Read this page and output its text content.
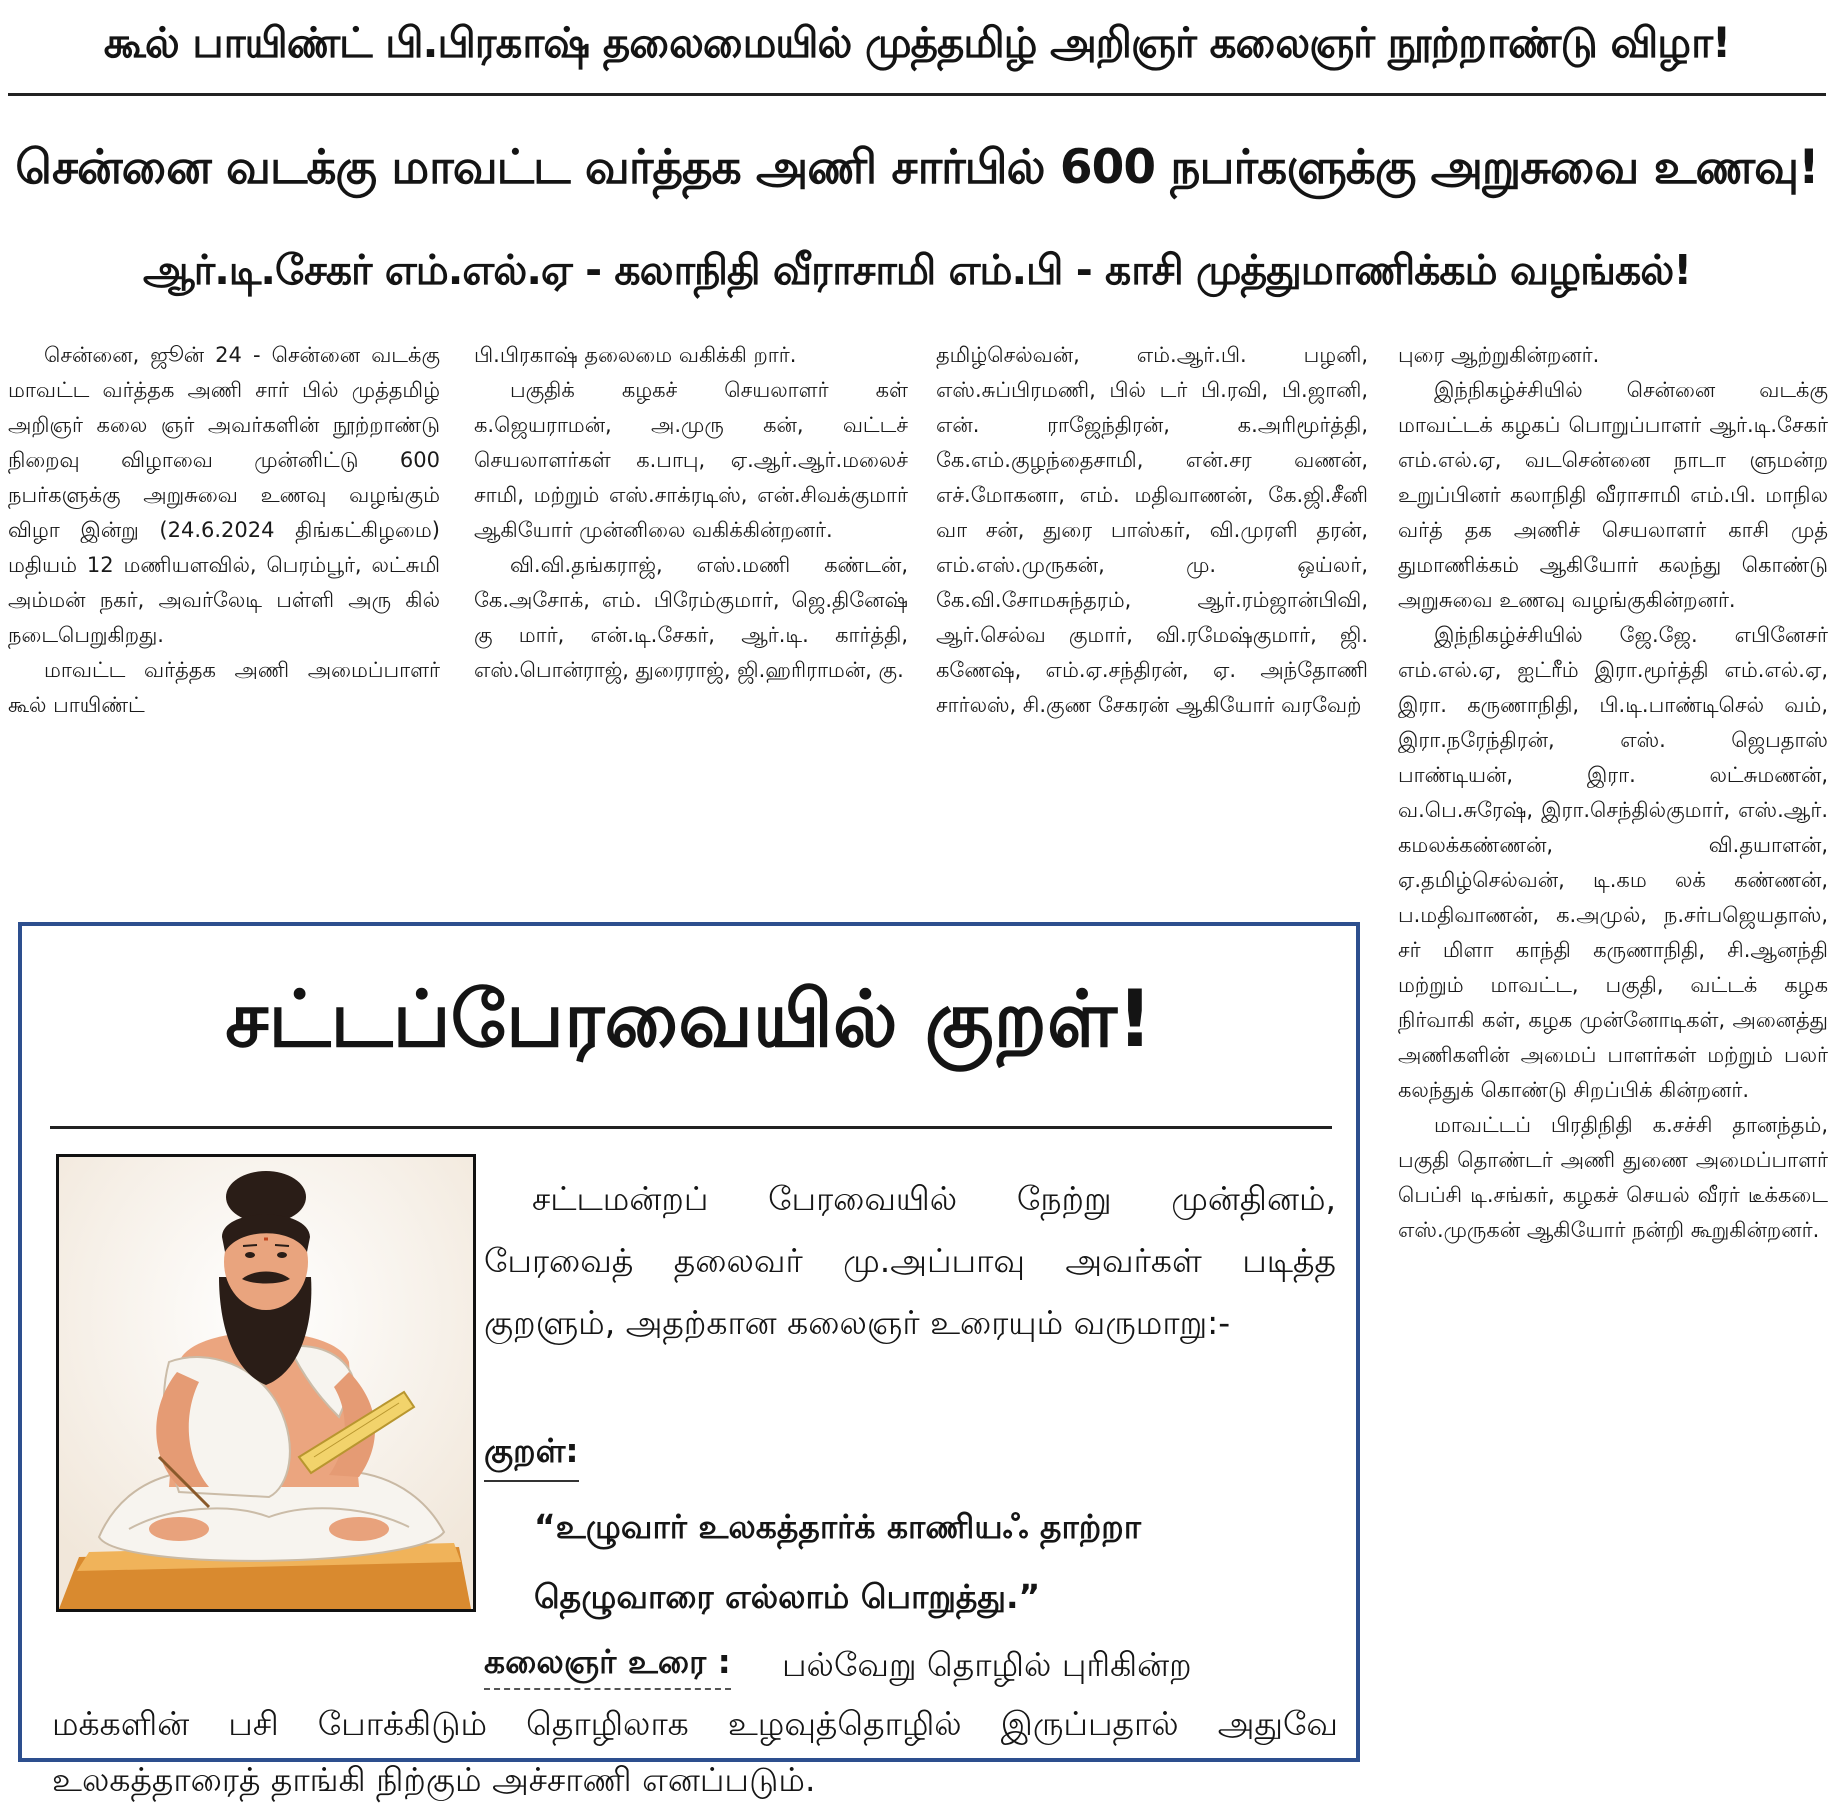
கூல் பாயிண்ட் பி.பிரகாஷ் தலைமையில் முத்தமிழ் அறிஞர் கலைஞர் நூற்றாண்டு விழா!
சென்னை வடக்கு மாவட்ட வர்த்தக அணி சார்பில் 600 நபர்களுக்கு அறுசுவை உணவு!
ஆர்.டி.சேகர் எம்.எல்.ஏ - கலாநிதி வீராசாமி எம்.பி - காசி முத்துமாணிக்கம் வழங்கல்!

சென்னை, ஜூன் 24 - சென்னை வடக்கு மாவட்ட வர்த்தக அணி சார் பில் முத்தமிழ் அறிஞர் கலை ஞர் அவர்களின் நூற்றாண்டு நிறைவு விழாவை முன்னிட்டு 600 நபர்களுக்கு அறுசுவை உணவு வழங்கும் விழா இன்று (24.6.2024 திங்கட்கிழமை) மதியம் 12 மணியளவில், பெரம்பூர், லட்சுமி அம்மன் நகர், அவர்லேடி பள்ளி அரு கில் நடைபெறுகிறது.

மாவட்ட வர்த்தக அணி அமைப்பாளர் கூல் பாயிண்ட்

பி.பிரகாஷ் தலைமை வகிக்கி றார்.

பகுதிக் கழகச் செயலாளர் கள் க.ஜெயராமன், அ.முரு கன், வட்டச் செயலாளர்கள் க.பாபு, ஏ.ஆர்.ஆர்.மலைச் சாமி, மற்றும் எஸ்.சாக்ரடிஸ், என்.சிவக்குமார் ஆகியோர் முன்னிலை வகிக்கின்றனர்.

வி.வி.தங்கராஜ், எஸ்.மணி கண்டன், கே.அசோக், எம். பிரேம்குமார், ஜெ.தினேஷ் கு மார், என்.டி.சேகர், ஆர்.டி. கார்த்தி, எஸ்.பொன்ராஜ், துரைராஜ், ஜி.ஹரிராமன், கு.

தமிழ்செல்வன், எம்.ஆர்.பி. பழனி, எஸ்.சுப்பிரமணி, பில் டர் பி.ரவி, பி.ஜானி, என். ராஜேந்திரன், க.அரிமூர்த்தி, கே.எம்.குழந்தைசாமி, என்.சர வணன், எச்.மோகனா, எம். மதிவாணன், கே.ஜி.சீனி வா சன், துரை பாஸ்கர், வி.முரளி தரன், எம்.எஸ்.முருகன், மு. ஒய்லர், கே.வி.சோமசுந்தரம், ஆர்.ரம்ஜான்பிவி, ஆர்.செல்வ குமார், வி.ரமேஷ்குமார், ஜி. கணேஷ், எம்.ஏ.சந்திரன், ஏ. அந்தோணி சார்லஸ், சி.குண சேகரன் ஆகியோர் வரவேற்

புரை ஆற்றுகின்றனர்.

இந்நிகழ்ச்சியில் சென்னை வடக்கு மாவட்டக் கழகப் பொறுப்பாளர் ஆர்.டி.சேகர் எம்.எல்.ஏ, வடசென்னை நாடா ளுமன்ற உறுப்பினர் கலாநிதி வீராசாமி எம்.பி. மாநில வர்த் தக அணிச் செயலாளர் காசி முத் துமாணிக்கம் ஆகியோர் கலந்து கொண்டு அறுசுவை உணவு வழங்குகின்றனர்.

இந்நிகழ்ச்சியில் ஜே.ஜே. எபினேசர் எம்.எல்.ஏ, ஐட்ரீம் இரா.மூர்த்தி எம்.எல்.ஏ, இரா. கருணாநிதி, பி.டி.பாண்டிசெல் வம், இரா.நரேந்திரன், எஸ். ஜெபதாஸ் பாண்டியன், இரா. லட்சுமணன், வ.பெ.சுரேஷ், இரா.செந்தில்குமார், எஸ்.ஆர். கமலக்கண்ணன், வி.தயாளன், ஏ.தமிழ்செல்வன், டி.கம லக் கண்ணன், ப.மதிவாணன், க.அமுல், ந.சர்பஜெயதாஸ், சர் மிளா காந்தி கருணாநிதி, சி.ஆனந்தி மற்றும் மாவட்ட, பகுதி, வட்டக் கழக நிர்வாகி கள், கழக முன்னோடிகள், அனைத்து அணிகளின் அமைப் பாளர்கள் மற்றும் பலர் கலந்துக் கொண்டு சிறப்பிக் கின்றனர்.

மாவட்டப் பிரதிநிதி க.சச்சி தானந்தம், பகுதி தொண்டர் அணி துணை அமைப்பாளர் பெப்சி டி.சங்கர், கழகச் செயல் வீரர் டீக்கடை எஸ்.முருகன் ஆகியோர் நன்றி கூறுகின்றனர்.

சட்டப்பேரவையில் குறள்!
சட்டமன்றப் பேரவையில் நேற்று முன்தினம், பேரவைத் தலைவர் மு.அப்பாவு அவர்கள் படித்த குறளும், அதற்கான கலைஞர் உரையும் வருமாறு:-
குறள்:
“உழுவார் உலகத்தார்க் காணியஃ தாற்றா
தெழுவாரை எல்லாம் பொறுத்து.”
கலைஞர் உரை : பல்வேறு தொழில் புரிகின்ற
மக்களின் பசி போக்கிடும் தொழிலாக உழவுத்தொழில் இருப்பதால் அதுவே உலகத்தாரைத் தாங்கி நிற்கும் அச்சாணி எனப்படும்.
